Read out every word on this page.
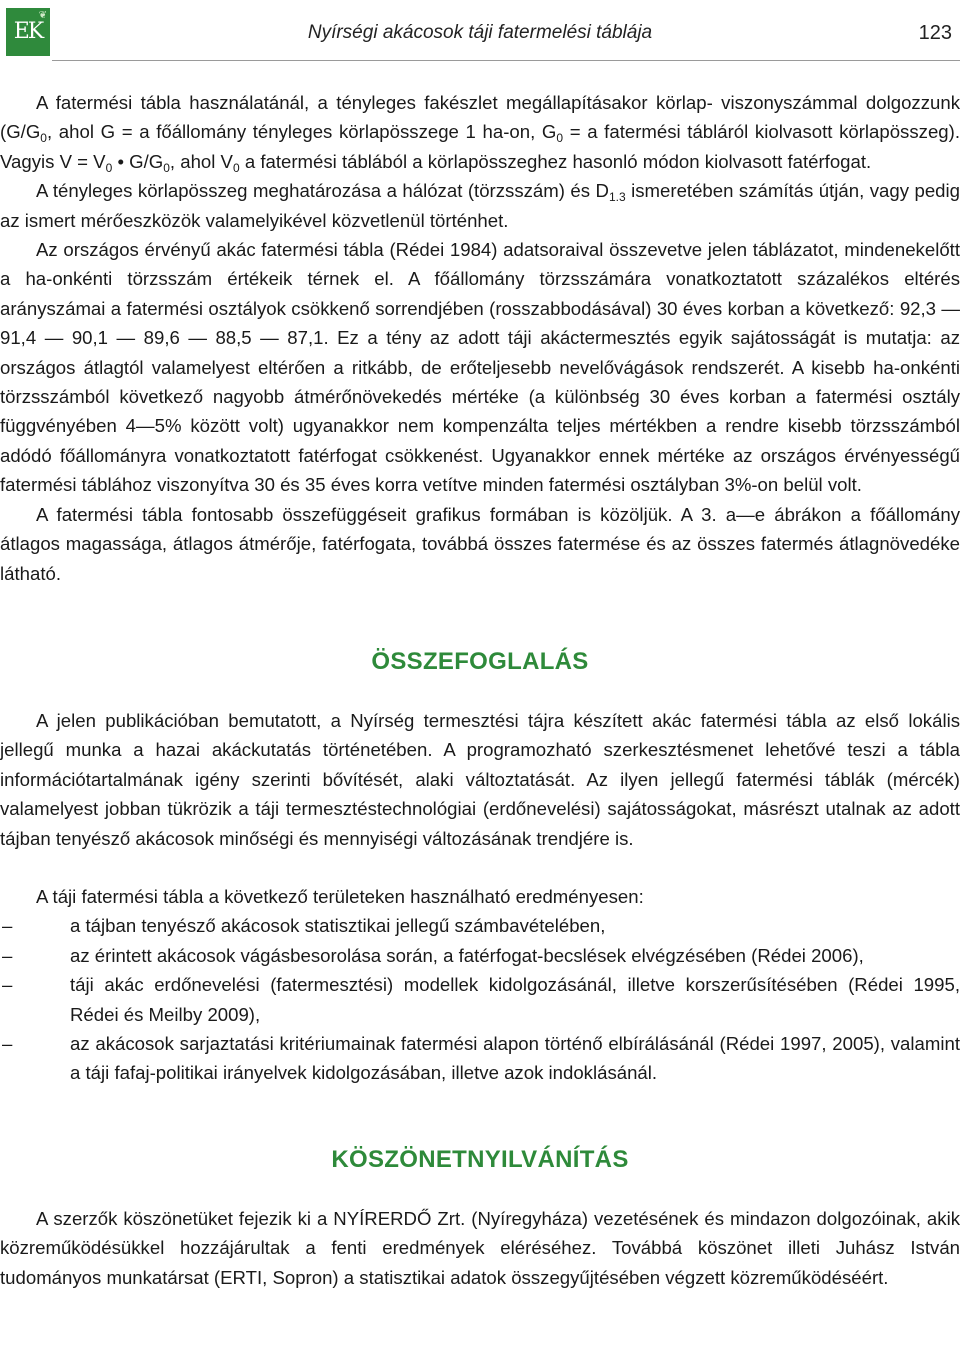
EK
❦
Nyírségi akácosok táji fatermelési táblája	123

A fatermési tábla használatánál, a tényleges fakészlet megállapításakor körlap- viszonyszámmal dolgozzunk ($G/G_0$, ahol G = a főállomány tényleges körlapösszege 1 ha-on, $G_0 = a$ fatermési tábláról kiolvasott körlapösszeg). Vagyis $V = V_0$ • $G/G_0$, ahol $V_0$ a fatermési táblából a körlapösszeghez hasonló módon kiolvasott fatérfogat.

A tényleges körlapösszeg meghatározása a hálózat (törzsszám) és $D_{1.3}$ ismeretében számítás útján, vagy pedig az ismert mérőeszközök valamelyikével közvetlenül történhet.

Az országos érvényű akác fatermési tábla (Rédei 1984) adatsoraival összevetve jelen táblázatot, mindenekelőtt a ha-onkénti törzsszám értékeik térnek el. A főállomány törzsszámára vonatkoztatott százalékos eltérés arányszámai a fatermési osztályok csökkenő sorrendjében (rosszabbodásával) 30 éves korban a következő: 92,3 — 91,4 — 90,1 — 89,6 — 88,5 — 87,1. Ez a tény az adott táji akáctermesztés egyik sajátosságát is mutatja: az országos átlagtól valamelyest eltérően a ritkább, de erőteljesebb nevelővágások rendszerét. A kisebb ha-onkénti törzsszámból következő nagyobb átmérőnövekedés mértéke (a különbség 30 éves korban a fatermési osztály függvényében 4—5% között volt) ugyanakkor nem kompenzálta teljes mértékben a rendre kisebb törzsszámból adódó főállományra vonatkoztatott fatérfogat csökkenést. Ugyanakkor ennek mértéke az országos érvényességű fatermési táblához viszonyítva 30 és 35 éves korra vetítve minden fatermési osztályban 3%-on belül volt.

A fatermési tábla fontosabb összefüggéseit grafikus formában is közöljük. A 3. a—e ábrákon a főállomány átlagos magassága, átlagos átmérője, fatérfogata, továbbá összes fatermése és az összes fatermés átlagnövedéke látható.

ÖSSZEFOGLALÁS

A jelen publikációban bemutatott, a Nyírség termesztési tájra készített akác fatermési tábla az első lokális jellegű munka a hazai akáckutatás történetében. A programozható szerkesztésmenet lehetővé teszi a tábla információtartalmának igény szerinti bővítését, alaki változtatását. Az ilyen jellegű fatermési táblák (mércék) valamelyest jobban tükrözik a táji termesztéstechnológiai (erdőnevelési) sajátosságokat, másrészt utalnak az adott tájban tenyésző akácosok minőségi és mennyiségi változásának trendjére is.

A táji fatermési tábla a következő területeken használható eredményesen:

–	a tájban tenyésző akácosok statisztikai jellegű számbavételében,
–	az érintett akácosok vágásbesorolása során, a fatérfogat-becslések elvégzésében (Rédei 2006),
–	táji akác erdőnevelési (fatermesztési) modellek kidolgozásánál, illetve korszerűsítésében (Rédei 1995, Rédei és Meilby 2009),
–	az akácosok sarjaztatási kritériumainak fatermési alapon történő elbírálásánál (Rédei 1997, 2005), valamint a táji fafaj-politikai irányelvek kidolgozásában, illetve azok indoklásánál.
KÖSZÖNETNYILVÁNÍTÁS

A szerzők köszönetüket fejezik ki a NYÍRERDŐ Zrt. (Nyíregyháza) vezetésének és mindazon dolgozóinak, akik közreműködésükkel hozzájárultak a fenti eredmények eléréséhez. Továbbá köszönet illeti Juhász István tudományos munkatársat (ERTI, Sopron) a statisztikai adatok összegyűjtésében végzett közreműködéséért.
